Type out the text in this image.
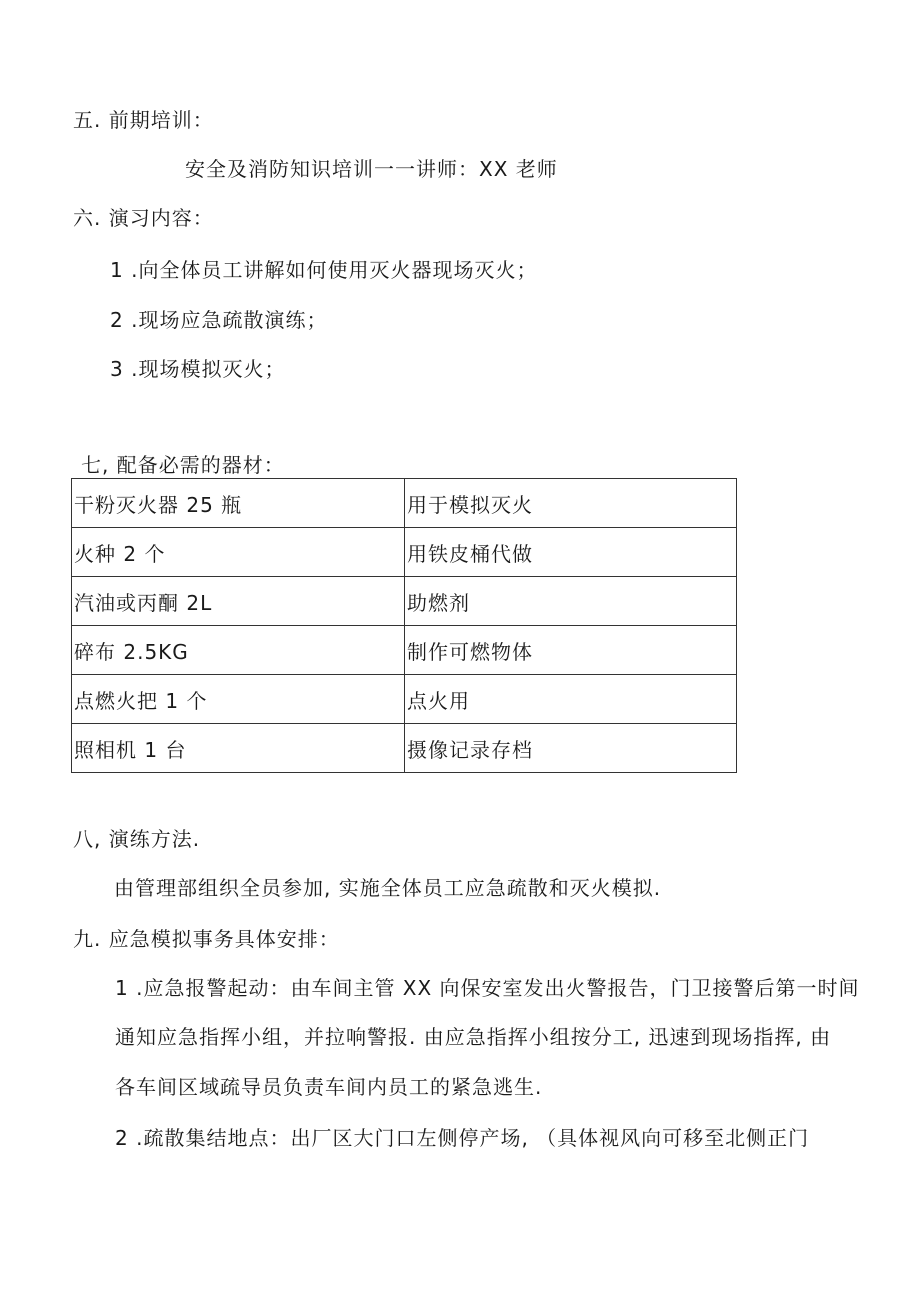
五. 前期培训：
安全及消防知识培训一一讲师：XX 老师
六. 演习内容：
1 .向全体员工讲解如何使用灭火器现场灭火；
2 .现场应急疏散演练；
3 .现场模拟灭火；
七, 配备必需的器材：
干粉灭火器 25 瓶	用于模拟灭火
火种 2 个	用铁皮桶代做
汽油或丙酮 2L	助燃剂
碎布 2.5KG	制作可燃物体
点燃火把 1 个	点火用
照相机 1 台	摄像记录存档
八, 演练方法.
由管理部组织全员参加, 实施全体员工应急疏散和灭火模拟.
九. 应急模拟事务具体安排：
1 .应急报警起动：由车间主管 XX 向保安室发出火警报告，门卫接警后第一时间
通知应急指挥小组，并拉响警报. 由应急指挥小组按分工, 迅速到现场指挥, 由
各车间区域疏导员负责车间内员工的紧急逃生.
2 .疏散集结地点：出厂区大门口左侧停产场, （具体视风向可移至北侧正门
